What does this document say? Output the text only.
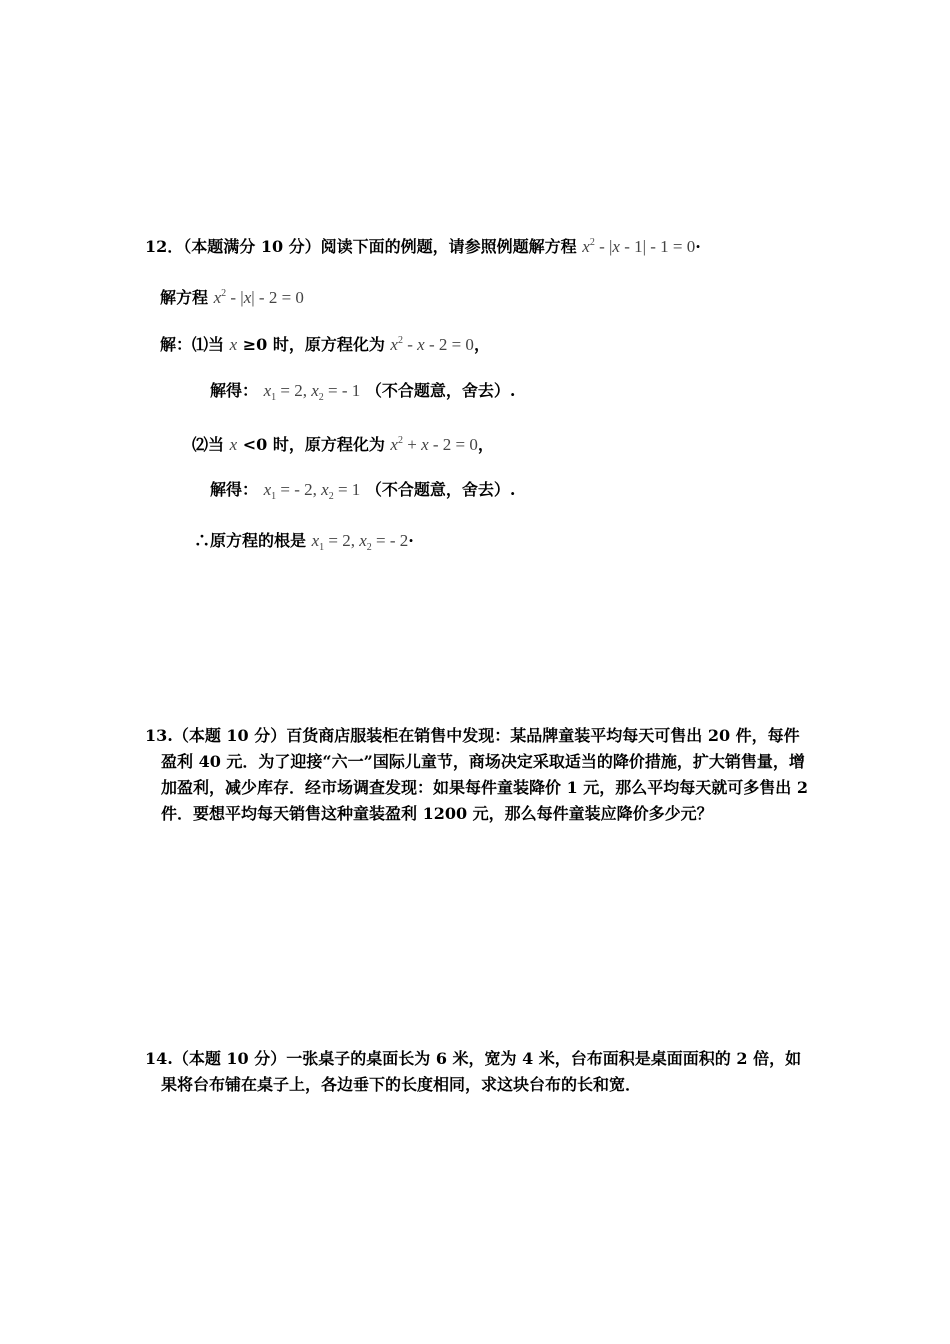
12．（本题满分 10 分）阅读下面的例题，请参照例题解方程 $x^2 - |x - 1| - 1 = 0\cdot$
解方程 $x^2 - |x| - 2 = 0$
解：⑴当 x ≥0 时，原方程化为 $x^2 - x - 2 = 0$，
解得： $x_1 = 2$, $x_2$ = - 1 （不合题意，舍去）.
⑵当 x <0 时，原方程化为 $x^2 + x - 2 = 0$，
解得： $x_1$ = - 2, $x_2 = 1$ （不合题意，舍去）.
∴原方程的根是 $x_1 = 2$, $x_2$ = - 2·
13.（本题 10 分）百货商店服装柜在销售中发现：某品牌童装平均每天可售出 20 件，每件盈利 40 元．为了迎接“六一”国际儿童节，商场决定采取适当的降价措施，扩大销售量，增加盈利，减少库存．经市场调查发现：如果每件童装降价 1 元，那么平均每天就可多售出 2 件．要想平均每天销售这种童装盈利 1200 元，那么每件童装应降价多少元？
14.（本题 10 分）一张桌子的桌面长为 6 米，宽为 4 米，台布面积是桌面面积的 2 倍，如果将台布铺在桌子上，各边垂下的长度相同，求这块台布的长和宽．
